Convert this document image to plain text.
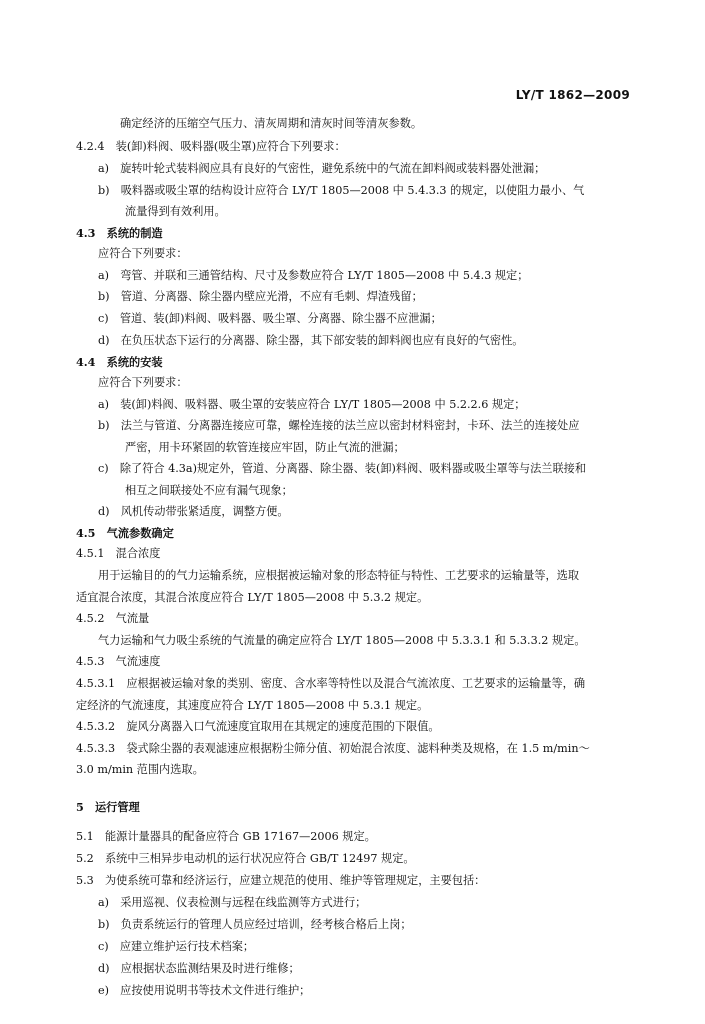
LY/T 1862—2009
确定经济的压缩空气压力、清灰周期和清灰时间等清灰参数。
4.2.4　装(卸)料阀、吸料器(吸尘罩)应符合下列要求：
a)　旋转叶轮式装料阀应具有良好的气密性，避免系统中的气流在卸料阀或装料器处泄漏；
b)　吸料器或吸尘罩的结构设计应符合 LY/T 1805—2008 中 5.4.3.3 的规定，以使阻力最小、气
流量得到有效利用。
4.3　系统的制造
应符合下列要求：
a)　弯管、并联和三通管结构、尺寸及参数应符合 LY/T 1805—2008 中 5.4.3 规定；
b)　管道、分离器、除尘器内壁应光滑，不应有毛刺、焊渣残留；
c)　管道、装(卸)料阀、吸料器、吸尘罩、分离器、除尘器不应泄漏；
d)　在负压状态下运行的分离器、除尘器，其下部安装的卸料阀也应有良好的气密性。
4.4　系统的安装
应符合下列要求：
a)　装(卸)料阀、吸料器、吸尘罩的安装应符合 LY/T 1805—2008 中 5.2.2.6 规定；
b)　法兰与管道、分离器连接应可靠，螺栓连接的法兰应以密封材料密封，卡环、法兰的连接处应
严密，用卡环紧固的软管连接应牢固，防止气流的泄漏；
c)　除了符合 4.3a)规定外，管道、分离器、除尘器、装(卸)料阀、吸料器或吸尘罩等与法兰联接和
相互之间联接处不应有漏气现象；
d)　风机传动带张紧适度，调整方便。
4.5　气流参数确定
4.5.1　混合浓度
用于运输目的的气力运输系统，应根据被运输对象的形态特征与特性、工艺要求的运输量等，选取
适宜混合浓度，其混合浓度应符合 LY/T 1805—2008 中 5.3.2 规定。
4.5.2　气流量
气力运输和气力吸尘系统的气流量的确定应符合 LY/T 1805—2008 中 5.3.3.1 和 5.3.3.2 规定。
4.5.3　气流速度
4.5.3.1　应根据被运输对象的类别、密度、含水率等特性以及混合气流浓度、工艺要求的运输量等，确
定经济的气流速度，其速度应符合 LY/T 1805—2008 中 5.3.1 规定。
4.5.3.2　旋风分离器入口气流速度宜取用在其规定的速度范围的下限值。
4.5.3.3　袋式除尘器的表观滤速应根据粉尘筛分值、初始混合浓度、滤料种类及规格，在 1.5 m/min～
3.0 m/min 范围内选取。
5　运行管理
5.1　能源计量器具的配备应符合 GB 17167—2006 规定。
5.2　系统中三相异步电动机的运行状况应符合 GB/T 12497 规定。
5.3　为使系统可靠和经济运行，应建立规范的使用、维护等管理规定，主要包括：
a)　采用巡视、仪表检测与远程在线监测等方式进行；
b)　负责系统运行的管理人员应经过培训，经考核合格后上岗；
c)　应建立维护运行技术档案；
d)　应根据状态监测结果及时进行维修；
e)　应按使用说明书等技术文件进行维护；
